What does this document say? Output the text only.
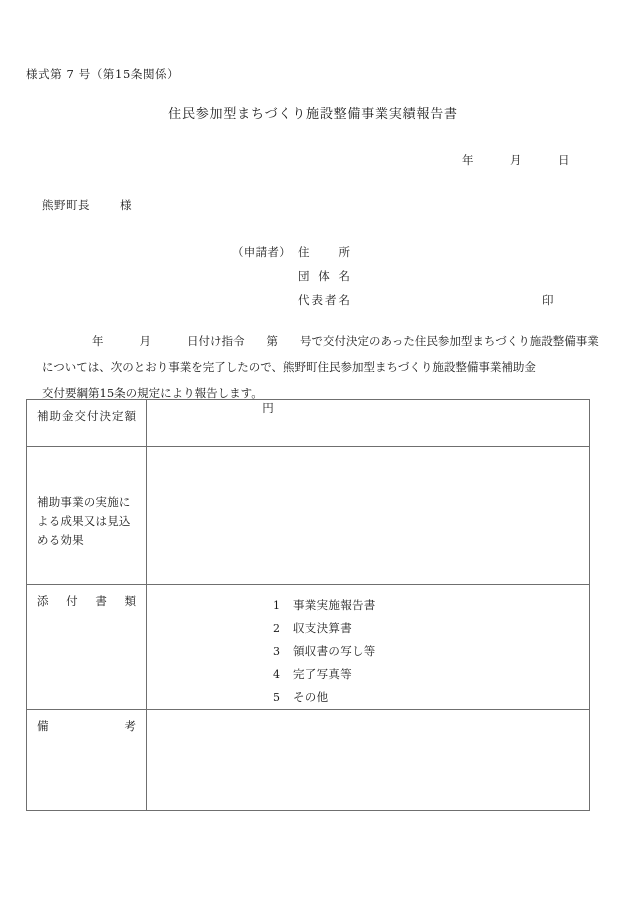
様式第 7 号（第15条関係）
住民参加型まちづくり施設整備事業実績報告書
年	月	日
熊野町長	様
（申請者） 住所
団体名
代表者名	印
年	月	日付け指令 第 号で交付決定のあった住民参加型まちづくり施設整備事業
については、次のとおり事業を完了したので、熊野町住民参加型まちづくり施設整備事業補助金
交付要綱第15条の規定により報告します。
補助金交付決定額	円

補助事業の実施による成果又は見込める効果	

添付書類	1 事業実施報告書
2 収支決算書
3 領収書の写し等
4 完了写真等
5 その他

備考	
